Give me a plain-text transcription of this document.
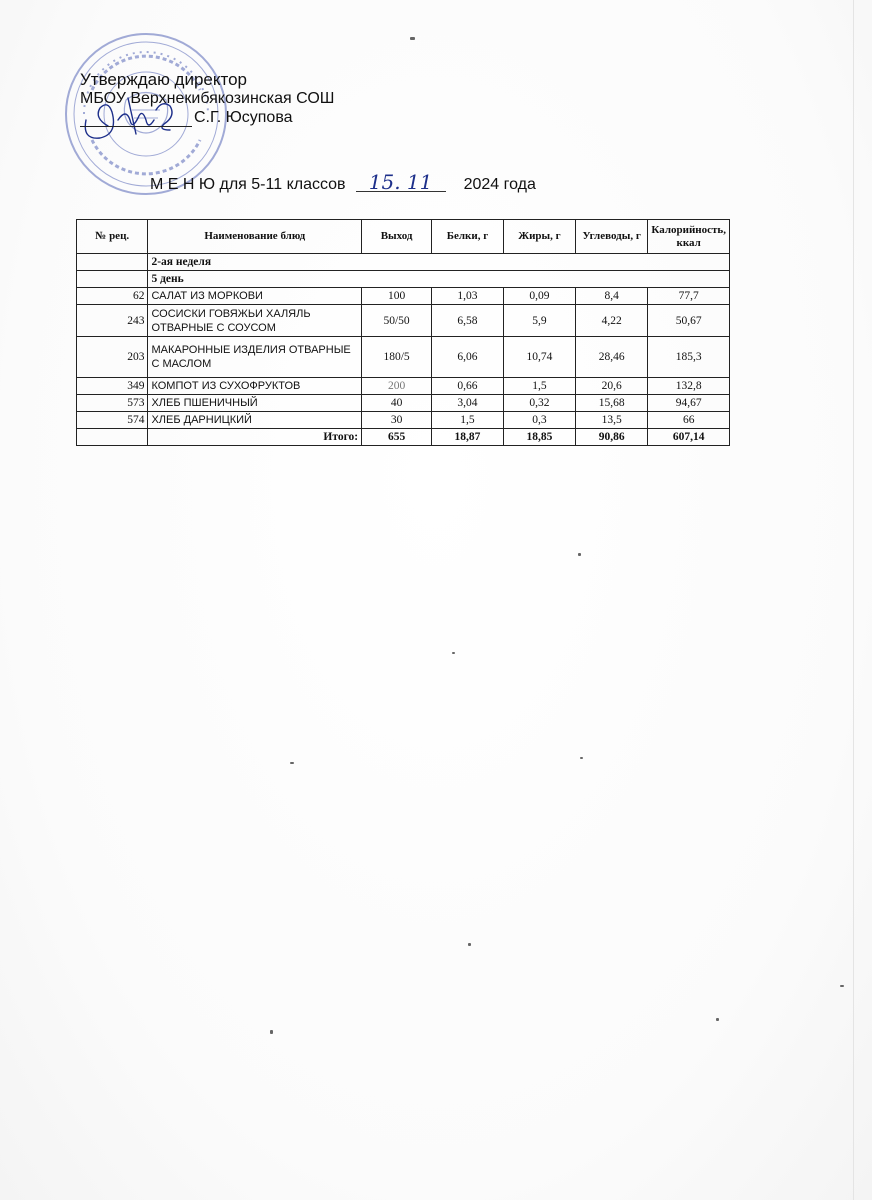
Утверждаю директор
МБОУ Верхнекибякозинская СОШ
С.Г. Юсупова
М Е Н Ю для 5-11 классов 15. 11 2024 года
№ рец.	Наименование блюд	Выход	Белки, г	Жиры, г	Углеводы, г	Калорийность, ккал
	2-ая неделя					
	5 день					
62	САЛАТ ИЗ МОРКОВИ	100	1,03	0,09	8,4	77,7
243	СОСИСКИ ГОВЯЖЬИ ХАЛЯЛЬ ОТВАРНЫЕ С СОУСОМ	50/50	6,58	5,9	4,22	50,67
203	МАКАРОННЫЕ ИЗДЕЛИЯ ОТВАРНЫЕ С МАСЛОМ	180/5	6,06	10,74	28,46	185,3
349	КОМПОТ ИЗ СУХОФРУКТОВ	200	0,66	1,5	20,6	132,8
573	ХЛЕБ ПШЕНИЧНЫЙ	40	3,04	0,32	15,68	94,67
574	ХЛЕБ ДАРНИЦКИЙ	30	1,5	0,3	13,5	66
	Итого:	655	18,87	18,85	90,86	607,14
